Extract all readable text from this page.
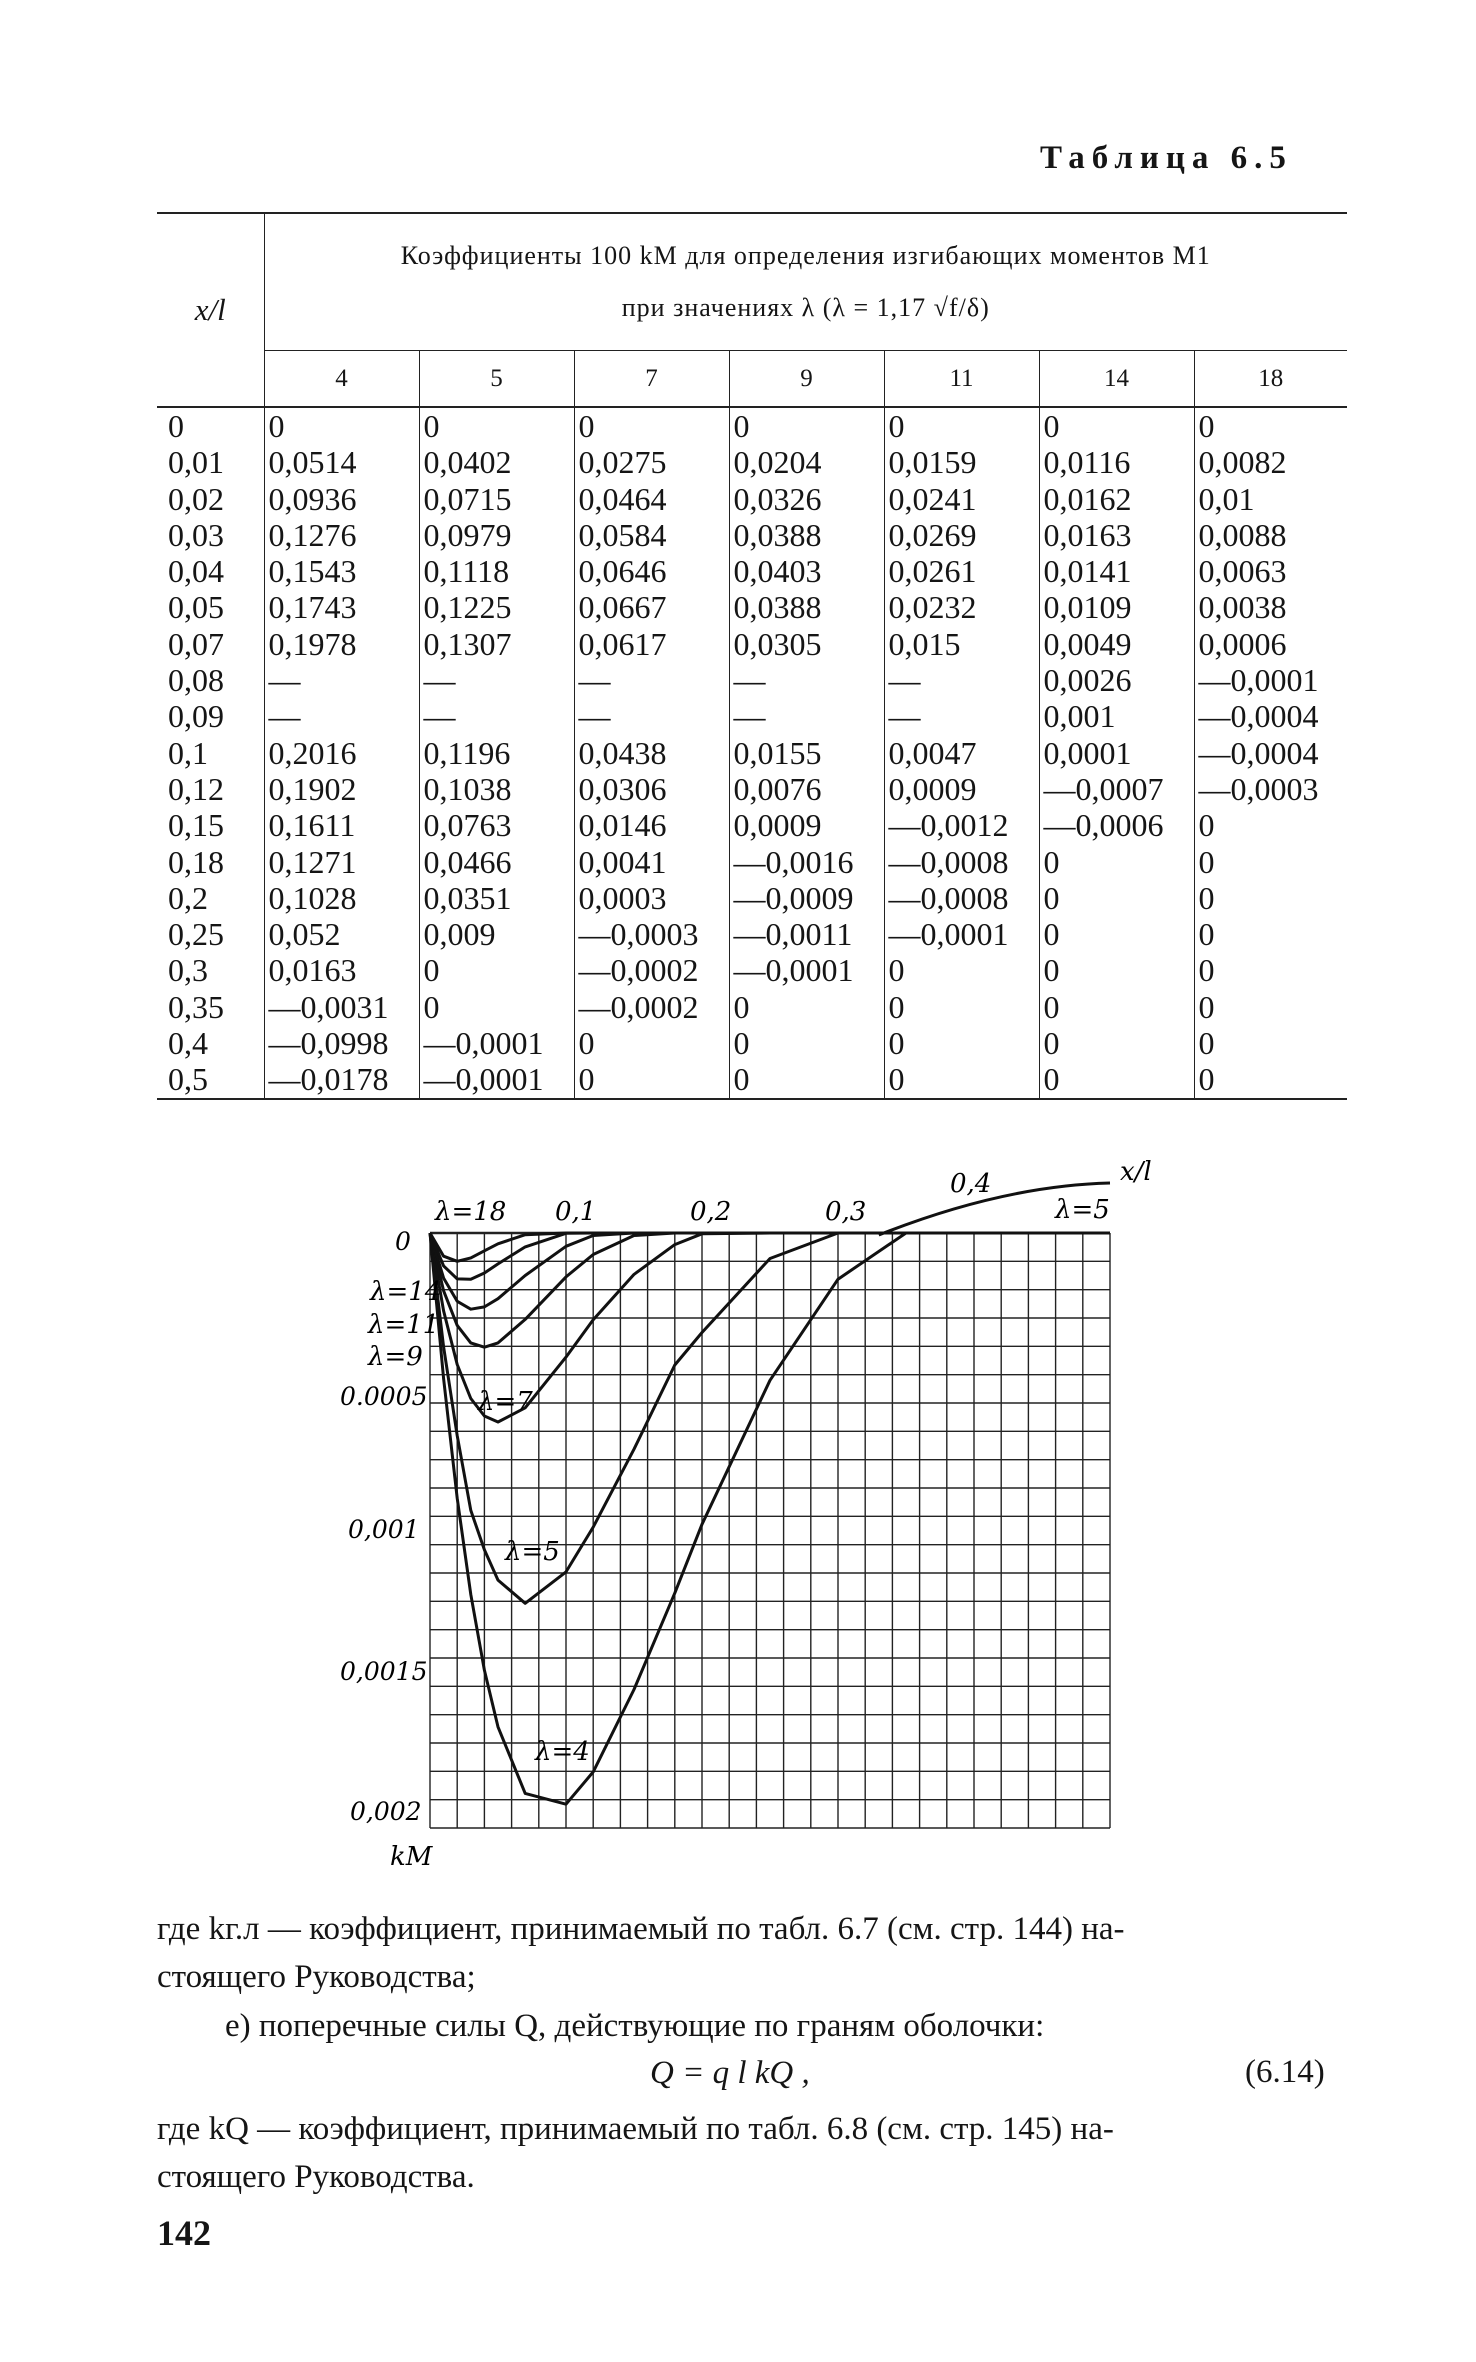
Таблица 6.5
x/l	Коэффициенты 100 kM для определения изгибающих моментов M1
при значениях λ (λ = 1,17 √f/δ)						

	4	5	7	9	11	14	18
0	0	0	0	0	0	0	0
0,01	0,0514	0,0402	0,0275	0,0204	0,0159	0,0116	0,0082
0,02	0,0936	0,0715	0,0464	0,0326	0,0241	0,0162	0,01
0,03	0,1276	0,0979	0,0584	0,0388	0,0269	0,0163	0,0088
0,04	0,1543	0,1118	0,0646	0,0403	0,0261	0,0141	0,0063
0,05	0,1743	0,1225	0,0667	0,0388	0,0232	0,0109	0,0038
0,07	0,1978	0,1307	0,0617	0,0305	0,015	0,0049	0,0006
0,08	—	—	—	—	—	0,0026	—0,0001
0,09	—	—	—	—	—	0,001	—0,0004
0,1	0,2016	0,1196	0,0438	0,0155	0,0047	0,0001	—0,0004
0,12	0,1902	0,1038	0,0306	0,0076	0,0009	—0,0007	—0,0003
0,15	0,1611	0,0763	0,0146	0,0009	—0,0012	—0,0006	0
0,18	0,1271	0,0466	0,0041	—0,0016	—0,0008	0	0
0,2	0,1028	0,0351	0,0003	—0,0009	—0,0008	0	0
0,25	0,052	0,009	—0,0003	—0,0011	—0,0001	0	0
0,3	0,0163	0	—0,0002	—0,0001	0	0	0
0,35	—0,0031	0	—0,0002	0	0	0	0
0,4	—0,0998	—0,0001	0	0	0	0	0
0,5	—0,0178	—0,0001	0	0	0	0	0
0
0.0005
0,001
0,0015
0,002
x/l
kM
0,1	0,2	0,3
0,4
λ=18
λ=14
λ=11
λ=9
λ=7
λ=5
λ=4
λ=5
где kг.л — коэффициент, принимаемый по табл. 6.7 (см. стр. 144) на-
стоящего Руководства;
е) поперечные силы Q, действующие по граням оболочки:
Q = q l kQ ,	(6.14)
где kQ — коэффициент, принимаемый по табл. 6.8 (см. стр. 145) на-
стоящего Руководства.
142
